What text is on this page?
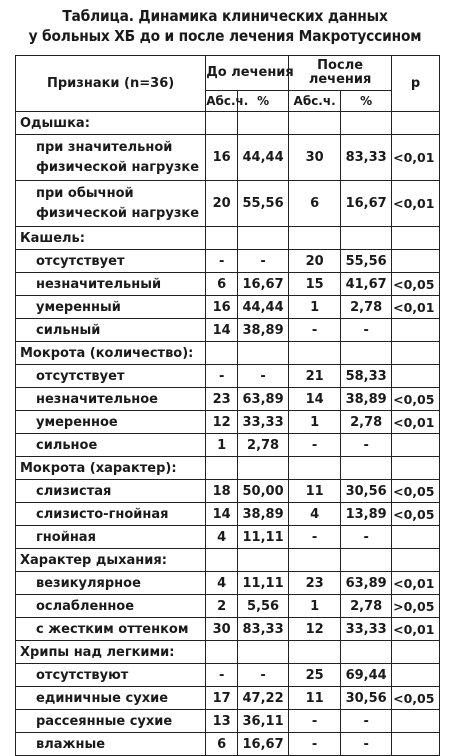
Таблица. Динамика клинических данных
у больных ХБ до и после лечения Макротуссином
Признаки (n=36)	До лечения		После лечения		p
	Абс.ч.	%	Абс.ч.	%	
Одышка:					
при значительной физической нагрузке	16	44,44	30	83,33	<0,01
при обычной физической нагрузке	20	55,56	6	16,67	<0,01
Кашель:					
отсутствует	-	-	20	55,56	
незначительный	6	16,67	15	41,67	<0,05
умеренный	16	44,44	1	2,78	<0,01
сильный	14	38,89	-	-	
Мокрота (количество):					
отсутствует	-	-	21	58,33	
незначительное	23	63,89	14	38,89	<0,05
умеренное	12	33,33	1	2,78	<0,01
сильное	1	2,78	-	-	
Мокрота (характер):					
слизистая	18	50,00	11	30,56	<0,05
слизисто-гнойная	14	38,89	4	13,89	<0,05
гнойная	4	11,11	-	-	
Характер дыхания:					
везикулярное	4	11,11	23	63,89	<0,01
ослабленное	2	5,56	1	2,78	>0,05
с жестким оттенком	30	83,33	12	33,33	<0,01
Хрипы над легкими:					
отсутствуют	-	-	25	69,44	
единичные сухие	17	47,22	11	30,56	<0,05
рассеянные сухие	13	36,11	-	-	
влажные	6	16,67	-	-	
